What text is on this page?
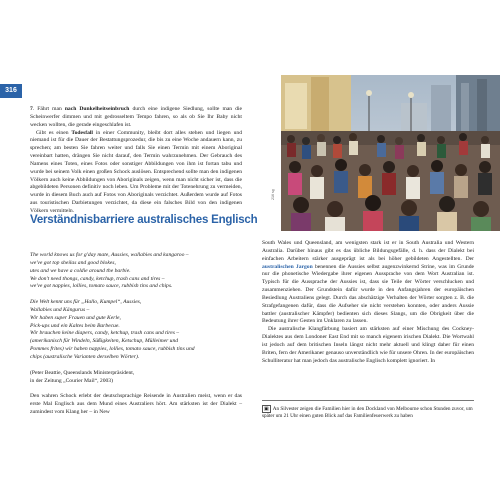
316
216 sg

7. Fährt man nach Dunkelheitseinbruch durch eine indigene Siedlung, sollte man die Scheinwerfer dimmen und mit gedrosseltem Tempo fahren, so als ob Sie Ihr Baby nicht wecken wollten, die gerade eingeschlafen ist.

Gibt es einen Todesfall in einer Community, bleibt dort alles stehen und liegen und niemand ist für die Dauer der Bestattungsprozedur, die bis zu eine Woche andauern kann, zu sprechen; am besten Sie fahren weiter und falls Sie einen Termin mit einem Aboriginal vereinbart hatten, drängen Sie nicht darauf, den Termin wahrzunehmen. Der Gebrauch des Namens eines Toten, eines Fotos oder sonstiger Abbildungen von ihm ist fortan tabu und wurde bei seinem Volk einen großen Schock auslösen. Entsprechend sollte man den indigenen Völkern auch keine Abbildungen von Aboriginals zeigen, wenn man nicht sicher ist, dass die abgebildeten Personen definitiv noch leben. Um Probleme mit der Totenehrung zu vermeiden, wurde in diesem Buch auch auf Fotos von Aboriginals verzichtet. Außerdem wurde auf Fotos aus touristischen Darbietungen verzichtet, da diese ein falsches Bild von den indigenen Völkern vermitteln.

Verständnisbarriere australisches Englisch
The world knows us for g'day mate, Aussies, wallabies and kangaroo –
we've got top sheilas and good blokes,
utes and we have a coldie around the barbie.
We don't need thongs, candy, ketchup, trash cans and tires –
we've got nappies, lollies, tomato sauce, rubbish tins and chips.
Die Welt kennt uns für „Hallo, Kumpel“, Aussies,
Wallabies und Kängurus –
Wir haben super Frauen und gute Kerle,
Pick-ups und ein Kaltes beim Barbecue.
Wir brauchen keine diapers, candy, ketchup, trash cans und tires –
(amerikanisch für Windeln, Süßigkeiten, Ketschup, Mülleimer und
Pommes frites) wir haben nappies, lollies, tomato sauce, rubbish tins und
chips (australische Varianten derselben Wörter).
(Peter Beattie, Queenslands Ministerpräsident,
in der Zeitung „Courier Mail“, 2003)

Den wahren Schock erlebt der deutschsprachige Reisende in Australien meist, wenn er das erste Mal Englisch aus dem Mund eines Australiers hört. Am stärksten ist der Dialekt – zumindest vom Klang her – in New

South Wales und Queensland, am wenigsten stark ist er in South Australia und Western Australia. Darüber hinaus gibt es das übliche Bildungsgefälle, d. h. dass der Dialekt bei einfachen Arbeitern stärker ausgeprägt ist als bei höher gebildeten Angestellten. Der australischen Jargon benennen die Aussies selbst augenzwinkernd Strine, was im Grunde nur die phonetische Wiedergabe ihrer eigenen Aussprache von dem Wort Australian ist. Typisch für die Aussprache der Aussies ist, dass sie Teile der Wörter verschlucken und zusammenziehen. Der Grundstein dafür wurde in den Anfangsjahren der europäischen Besiedlung Australiens gelegt. Durch das abschätzige Verhalten der Wörter sorgten z. B. die Strafgefangenen dafür, dass die Aufseher sie nicht verstehen konnten, oder anders Aussie battler (australischer Kämpfer) bedienten sich dieses Slangs, um die Obrigkeit über die Bedeutung ihrer Gesten im Unklaren zu lassen.

Die australische Klangfärbung basiert am stärksten auf einer Mischung des Cockney-Dialektes aus dem Londoner East End mit so manch eigenem irischen Dialekt. Die Wortwahl ist jedoch auf dem britischen Inseln längst nicht mehr aktuell und klingt daher für einen Briten, fern der Amerikaner genauso unverständlich wie für unsere Ohren. In der europäischen Schulliteratur hat man jedoch das australische Englisch komplett ignoriert. In

▣ An Silvester zeigen die Familien hier in den Dockland von Melbourne schon Stunden zuvor, um später um 21 Uhr einen guten Blick auf das Familienfeuerwerk zu haben
